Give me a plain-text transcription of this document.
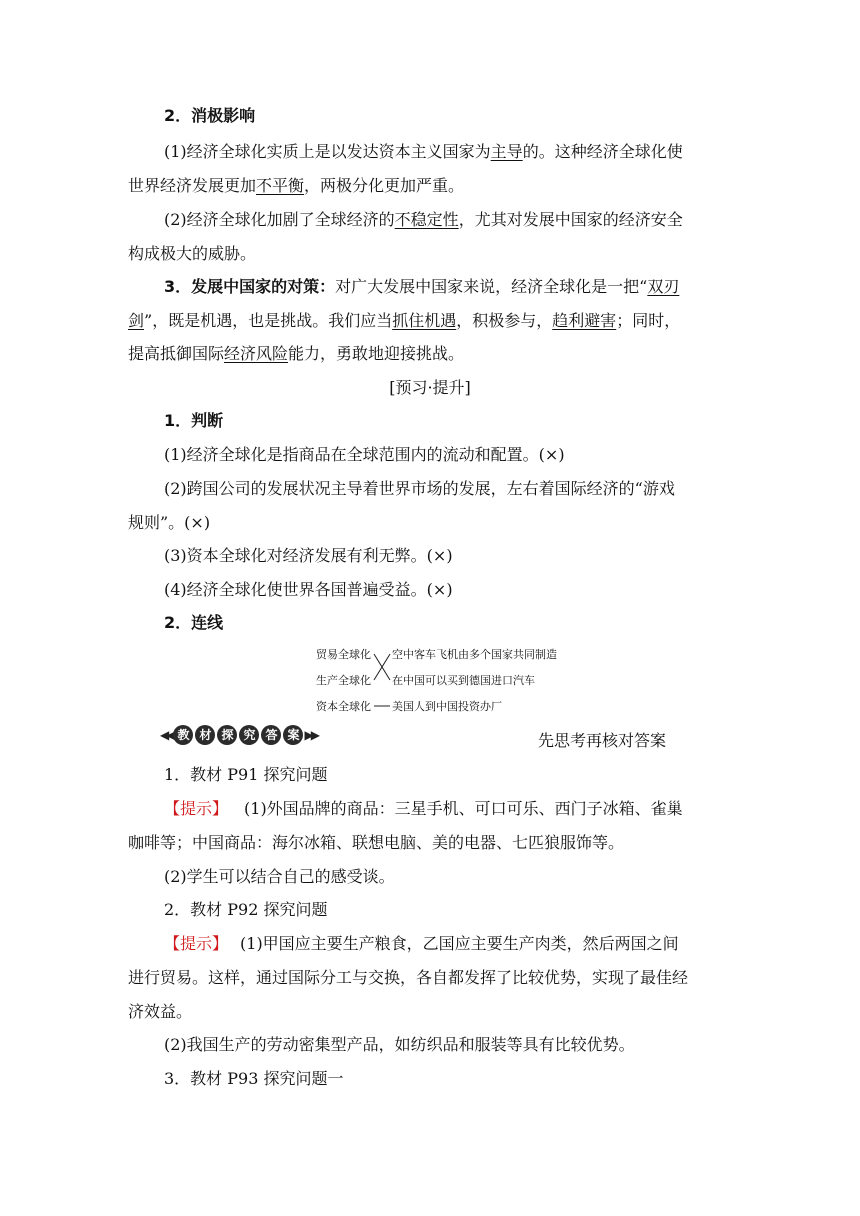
2．消极影响
(1)经济全球化实质上是以发达资本主义国家为主导的。这种经济全球化使
世界经济发展更加不平衡，两极分化更加严重。
(2)经济全球化加剧了全球经济的不稳定性，尤其对发展中国家的经济安全
构成极大的威胁。
3．发展中国家的对策：对广大发展中国家来说，经济全球化是一把“双刃
剑”，既是机遇，也是挑战。我们应当抓住机遇，积极参与，趋利避害；同时，
提高抵御国际经济风险能力，勇敢地迎接挑战。
[预习·提升]
1．判断
(1)经济全球化是指商品在全球范围内的流动和配置。(×)
(2)跨国公司的发展状况主导着世界市场的发展，左右着国际经济的“游戏
规则”。(×)
(3)资本全球化对经济发展有利无弊。(×)
(4)经济全球化使世界各国普遍受益。(×)
2．连线
贸易全球化
生产全球化
资本全球化
空中客车飞机由多个国家共同制造
在中国可以买到德国进口汽车
美国人到中国投资办厂
◀◀ 教 材 探 究 答 案 ▶▶	先思考再核对答案
1．教材 P91 探究问题
【提示】 (1)外国品牌的商品：三星手机、可口可乐、西门子冰箱、雀巢
咖啡等；中国商品：海尔冰箱、联想电脑、美的电器、七匹狼服饰等。
(2)学生可以结合自己的感受谈。
2．教材 P92 探究问题
【提示】 (1)甲国应主要生产粮食，乙国应主要生产肉类，然后两国之间
进行贸易。这样，通过国际分工与交换，各自都发挥了比较优势，实现了最佳经
济效益。
(2)我国生产的劳动密集型产品，如纺织品和服装等具有比较优势。
3．教材 P93 探究问题一
